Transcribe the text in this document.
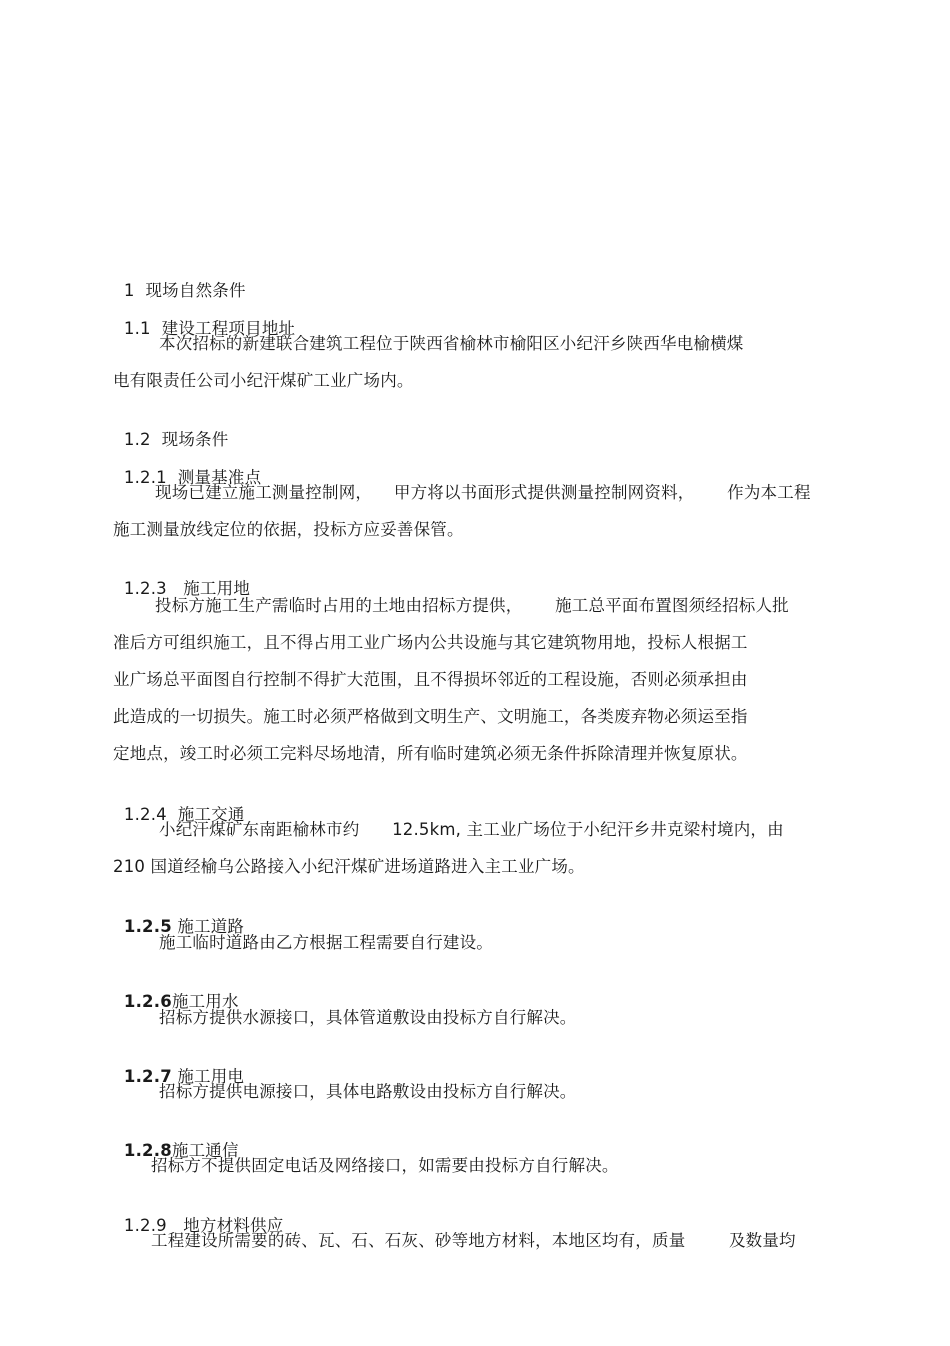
1 现场自然条件

1.1 建设工程项目地址

本次招标的新建联合建筑工程位于陕西省榆林市榆阳区小纪汗乡陕西华电榆横煤
电有限责任公司小纪汗煤矿工业广场内。

1.2 现场条件

1.2.1 测量基准点

现场已建立施工测量控制网，    甲方将以书面形式提供测量控制网资料，      作为本工程
施工测量放线定位的依据，投标方应妥善保管。

1.2.3 施工用地

投标方施工生产需临时占用的土地由招标方提供，      施工总平面布置图须经招标人批
准后方可组织施工，且不得占用工业广场内公共设施与其它建筑物用地，投标人根据工
业广场总平面图自行控制不得扩大范围，且不得损坏邻近的工程设施，否则必须承担由
此造成的一切损失。施工时必须严格做到文明生产、文明施工，各类废弃物必须运至指
定地点，竣工时必须工完料尽场地清，所有临时建筑必须无条件拆除清理并恢复原状。

1.2.4 施工交通

小纪汗煤矿东南距榆林市约      12.5km, 主工业广场位于小纪汗乡井克梁村境内，由
210 国道经榆乌公路接入小纪汗煤矿进场道路进入主工业广场。

1.2.5 施工道路

施工临时道路由乙方根据工程需要自行建设。

1.2.6施工用水

招标方提供水源接口，具体管道敷设由投标方自行解决。

1.2.7 施工用电

招标方提供电源接口，具体电路敷设由投标方自行解决。

1.2.8施工通信

招标方不提供固定电话及网络接口，如需要由投标方自行解决。

1.2.9 地方材料供应

工程建设所需要的砖、瓦、石、石灰、砂等地方材料，本地区均有，质量        及数量均
